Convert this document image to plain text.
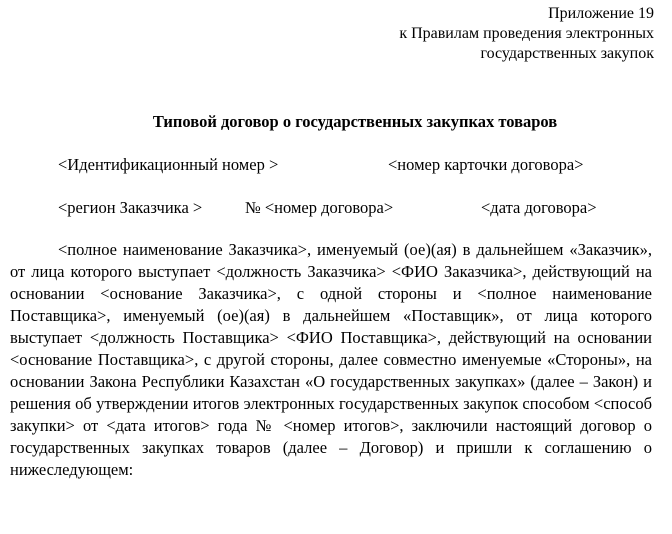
Приложение 19
к Правилам проведения электронных
государственных закупок
Типовой договор о государственных закупках товаров
<Идентификационный номер >	<номер карточки договора>
<регион Заказчика >	№ <номер договора>	<дата договора>
<полное наименование Заказчика>, именуемый (ое)(ая) в дальнейшем «Заказчик», от лица которого выступает <должность Заказчика> <ФИО Заказчика>, действующий на основании <основание Заказчика>, с одной стороны и <полное наименование Поставщика>, именуемый (ое)(ая) в дальнейшем «Поставщик», от лица которого выступает <должность Поставщика> <ФИО Поставщика>, действующий на основании <основание Поставщика>, с другой стороны, далее совместно именуемые «Стороны», на основании Закона Республики Казахстан «О государственных закупках» (далее – Закон) и решения об утверждении итогов электронных государственных закупок способом <способ закупки> от <дата итогов> года № <номер итогов>, заключили настоящий договор о государственных закупках товаров (далее – Договор) и пришли к соглашению о нижеследующем:
